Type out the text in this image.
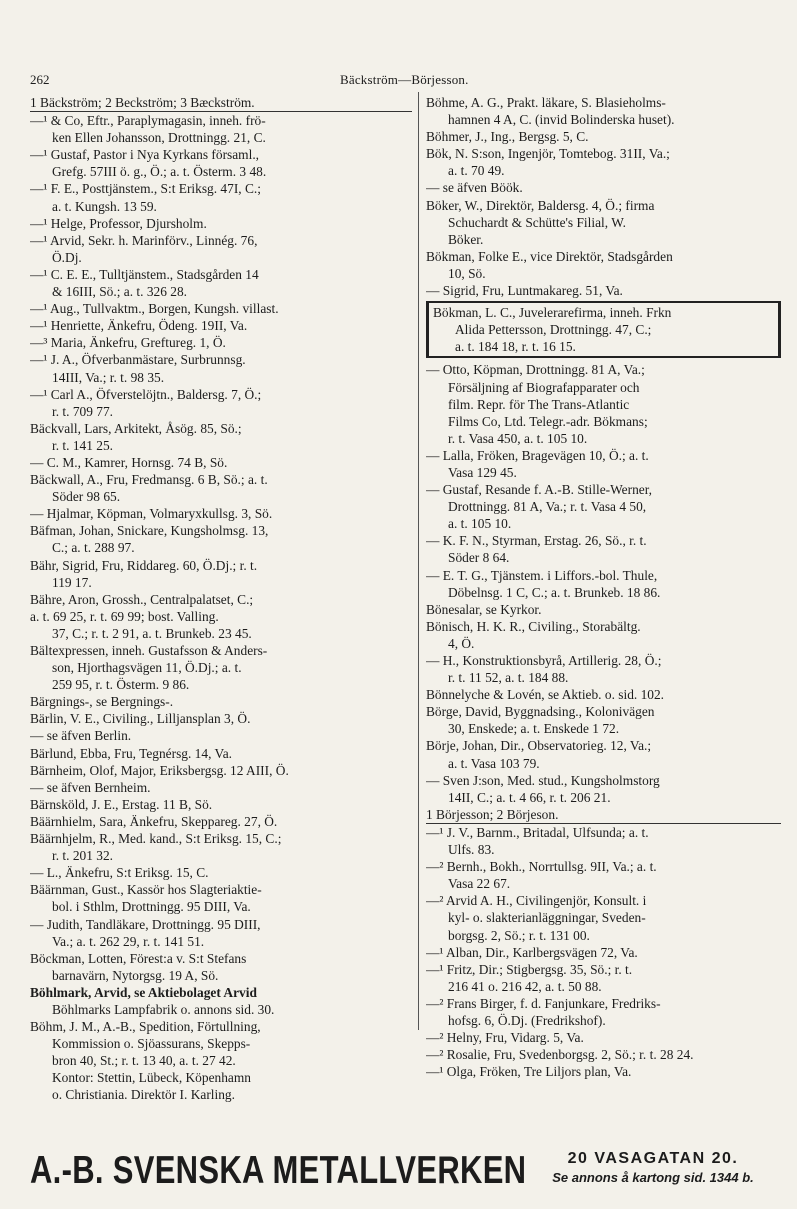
262	Bäckström—Börjesson.
1 Bäckström; 2 Beckström; 3 Bæckström.
—¹ & Co, Eftr., Paraplymagasin, inneh. frö-
ken Ellen Johansson, Drottningg. 21, C.
—¹ Gustaf, Pastor i Nya Kyrkans församl.,
Grefg. 57III ö. g., Ö.; a. t. Österm. 3 48.
—¹ F. E., Posttjänstem., S:t Eriksg. 47I, C.;
a. t. Kungsh. 13 59.
—¹ Helge, Professor, Djursholm.
—¹ Arvid, Sekr. h. Marinförv., Linnég. 76,
Ö.Dj.
—¹ C. E. E., Tulltjänstem., Stadsgården 14
& 16III, Sö.; a. t. 326 28.
—¹ Aug., Tullvaktm., Borgen, Kungsh. villast.
—¹ Henriette, Änkefru, Ödeng. 19II, Va.
—³ Maria, Änkefru, Greftureg. 1, Ö.
—¹ J. A., Öfverbanmästare, Surbrunnsg.
14III, Va.; r. t. 98 35.
—¹ Carl A., Öfverstelöjtn., Baldersg. 7, Ö.;
r. t. 709 77.
Bäckvall, Lars, Arkitekt, Åsög. 85, Sö.;
r. t. 141 25.
— C. M., Kamrer, Hornsg. 74 B, Sö.
Bäckwall, A., Fru, Fredmansg. 6 B, Sö.; a. t.
Söder 98 65.
— Hjalmar, Köpman, Volmaryxkullsg. 3, Sö.
Bäfman, Johan, Snickare, Kungsholmsg. 13,
C.; a. t. 288 97.
Bähr, Sigrid, Fru, Riddareg. 60, Ö.Dj.; r. t.
119 17.
Bähre, Aron, Grossh., Centralpalatset, C.;
a. t. 69 25, r. t. 69 99; bost. Valling.
37, C.; r. t. 2 91, a. t. Brunkeb. 23 45.
Bältexpressen, inneh. Gustafsson & Anders-
son, Hjorthagsvägen 11, Ö.Dj.; a. t.
259 95, r. t. Österm. 9 86.
Bärgnings-, se Bergnings-.
Bärlin, V. E., Civiling., Lilljansplan 3, Ö.
— se äfven Berlin.
Bärlund, Ebba, Fru, Tegnérsg. 14, Va.
Bärnheim, Olof, Major, Eriksbergsg. 12 AIII, Ö.
— se äfven Bernheim.
Bärnsköld, J. E., Erstag. 11 B, Sö.
Bäärnhielm, Sara, Änkefru, Skeppareg. 27, Ö.
Bäärnhjelm, R., Med. kand., S:t Eriksg. 15, C.;
r. t. 201 32.
— L., Änkefru, S:t Eriksg. 15, C.
Bäärnman, Gust., Kassör hos Slagteriaktie-
bol. i Sthlm, Drottningg. 95 DIII, Va.
— Judith, Tandläkare, Drottningg. 95 DIII,
Va.; a. t. 262 29, r. t. 141 51.
Böckman, Lotten, Förest:a v. S:t Stefans
barnavärn, Nytorgsg. 19 A, Sö.
Böhlmark, Arvid, se Aktiebolaget Arvid
Böhlmarks Lampfabrik o. annons sid. 30.
Böhm, J. M., A.-B., Spedition, Förtullning,
Kommission o. Sjöassurans, Skepps-
bron 40, St.; r. t. 13 40, a. t. 27 42.
Kontor: Stettin, Lübeck, Köpenhamn
o. Christiania. Direktör I. Karling.
Böhme, A. G., Prakt. läkare, S. Blasieholms-
hamnen 4 A, C. (invid Bolinderska huset).
Böhmer, J., Ing., Bergsg. 5, C.
Bök, N. S:son, Ingenjör, Tomtebog. 31II, Va.;
a. t. 70 49.
— se äfven Böök.
Böker, W., Direktör, Baldersg. 4, Ö.; firma
Schuchardt & Schütte's Filial, W.
Böker.
Bökman, Folke E., vice Direktör, Stadsgården
10, Sö.
— Sigrid, Fru, Luntmakareg. 51, Va.
Bökman, L. C., Juvelerarefirma, inneh. Frkn
Alida Pettersson, Drottningg. 47, C.;
a. t. 184 18, r. t. 16 15.
— Otto, Köpman, Drottningg. 81 A, Va.;
Försäljning af Biografapparater och
film. Repr. för The Trans-Atlantic
Films Co, Ltd. Telegr.-adr. Bökmans;
r. t. Vasa 450, a. t. 105 10.
— Lalla, Fröken, Bragevägen 10, Ö.; a. t.
Vasa 129 45.
— Gustaf, Resande f. A.-B. Stille-Werner,
Drottningg. 81 A, Va.; r. t. Vasa 4 50,
a. t. 105 10.
— K. F. N., Styrman, Erstag. 26, Sö., r. t.
Söder 8 64.
— E. T. G., Tjänstem. i Liffors.-bol. Thule,
Döbelnsg. 1 C, C.; a. t. Brunkeb. 18 86.
Bönesalar, se Kyrkor.
Bönisch, H. K. R., Civiling., Storabältg.
4, Ö.
— H., Konstruktionsbyrå, Artillerig. 28, Ö.;
r. t. 11 52, a. t. 184 88.
Bönnelyche & Lovén, se Aktieb. o. sid. 102.
Börge, David, Byggnadsing., Kolonivägen
30, Enskede; a. t. Enskede 1 72.
Börje, Johan, Dir., Observatorieg. 12, Va.;
a. t. Vasa 103 79.
— Sven J:son, Med. stud., Kungsholmstorg
14II, C.; a. t. 4 66, r. t. 206 21.
1 Börjesson; 2 Börjeson.
—¹ J. V., Barnm., Britadal, Ulfsunda; a. t.
Ulfs. 83.
—² Bernh., Bokh., Norrtullsg. 9II, Va.; a. t.
Vasa 22 67.
—² Arvid A. H., Civilingenjör, Konsult. i
kyl- o. slakterianläggningar, Sveden-
borgsg. 2, Sö.; r. t. 131 00.
—¹ Alban, Dir., Karlbergsvägen 72, Va.
—¹ Fritz, Dir.; Stigbergsg. 35, Sö.; r. t.
216 41 o. 216 42, a. t. 50 88.
—² Frans Birger, f. d. Fanjunkare, Fredriks-
hofsg. 6, Ö.Dj. (Fredrikshof).
—² Helny, Fru, Vidarg. 5, Va.
—² Rosalie, Fru, Svedenborgsg. 2, Sö.; r. t. 28 24.
—¹ Olga, Fröken, Tre Liljors plan, Va.
A.-B. SVENSKA METALLVERKEN	20 VASAGATAN 20.
Se annons å kartong sid. 1344 b.
